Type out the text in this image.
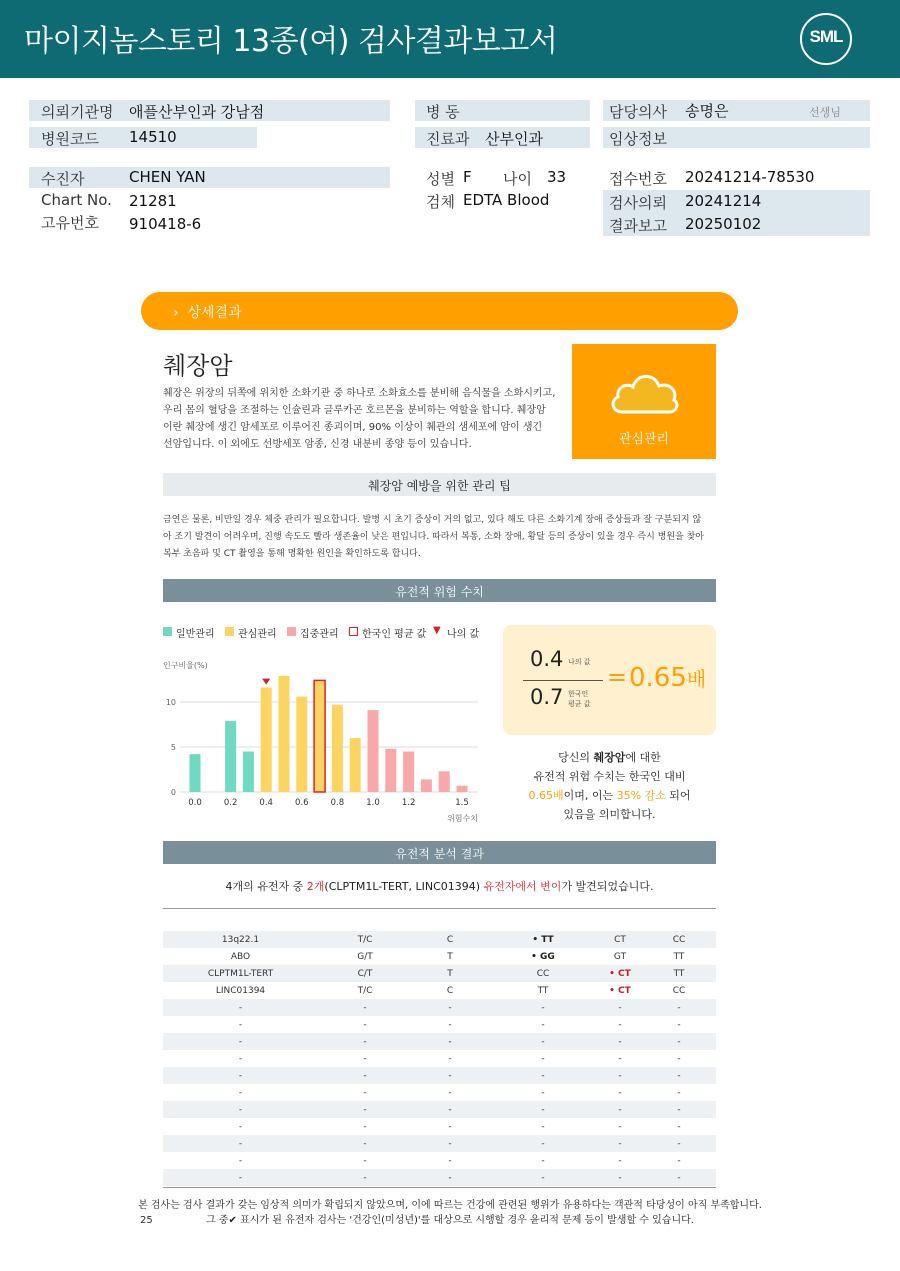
마이지놈스토리 13종(여) 검사결과보고서	SML
의뢰기관명 애플산부인과 강남점
병원코드 14510
수진자	CHEN YAN
Chart No. 21281
고유번호 910418-6
병 동
진료과 산부인과
성별 F 나이 33
검체 EDTA Blood
담당의사 송명은	선생님
임상정보
접수번호 20241214-78530
검사의뢰 20241214
결과보고 20250102
›  상세결과
췌장암
췌장은 위장의 뒤쪽에 위치한 소화기관 중 하나로 소화효소를 분비해 음식물을 소화시키고,
우리 몸의 혈당을 조절하는 인슐린과 글루카곤 호르몬을 분비하는 역할을 합니다. 췌장암
이란 췌장에 생긴 암세포로 이루어진 종괴이며, 90% 이상이 췌관의 샘세포에 암이 생긴
선암입니다. 이 외에도 선방세포 암종, 신경 내분비 종양 등이 있습니다.	관심관리
췌장암 예방을 위한 관리 팁
금연은 물론, 비만일 경우 체중 관리가 필요합니다. 발병 시 초기 증상이 거의 없고, 있다 해도 다른 소화기계 장애 증상들과 잘 구분되지 않
아 조기 발견이 어려우며, 진행 속도도 빨라 생존율이 낮은 편입니다. 따라서 복통, 소화 장애, 황달 등의 증상이 있을 경우 즉시 병원을 찾아
복부 초음파 및 CT 촬영을 통해 명확한 원인을 확인하도록 합니다.
유전적 위험 수치
일반관리 관심관리 집중관리 한국인 평균 값 ▼ 나의 값
0
5
10
인구비율(%)
0.0	0.2	0.4	0.6	0.8	1.0	1.2	1.5
위험수치
0.4 나의 값
0.7 한국인
평균 값
= 0.65배
당신의 췌장암에 대한
유전적 위험 수치는 한국인 대비
0.65배이며, 이는 35% 감소 되어
있음을 의미합니다.
유전적 분석 결과
4개의 유전자 중 2개(CLPTM1L-TERT, LINC01394) 유전자에서 변이가 발견되었습니다.
13q22.1	T/C	C	• TT	CT	CC
ABO	G/T	T	• GG	GT	TT
CLPTM1L-TERT	C/T	T	CC	• CT	TT
LINC01394	T/C	C	TT	• CT	CC
-	-	-	-	-	-
-	-	-	-	-	-
-	-	-	-	-	-
-	-	-	-	-	-
-	-	-	-	-	-
-	-	-	-	-	-
-	-	-	-	-	-
-	-	-	-	-	-
-	-	-	-	-	-
-	-	-	-	-	-
-	-	-	-	-	-
본 검사는 검사 결과가 갖는 임상적 의미가 확립되지 않았으며, 이에 따르는 건강에 관련된 행위가 유용하다는 객관적 타당성이 아직 부족합니다.
그 중✔ 표시가 된 유전자 검사는 '건강인(미성년)'를 대상으로 시행할 경우 윤리적 문제 등이 발생할 수 있습니다.
25
